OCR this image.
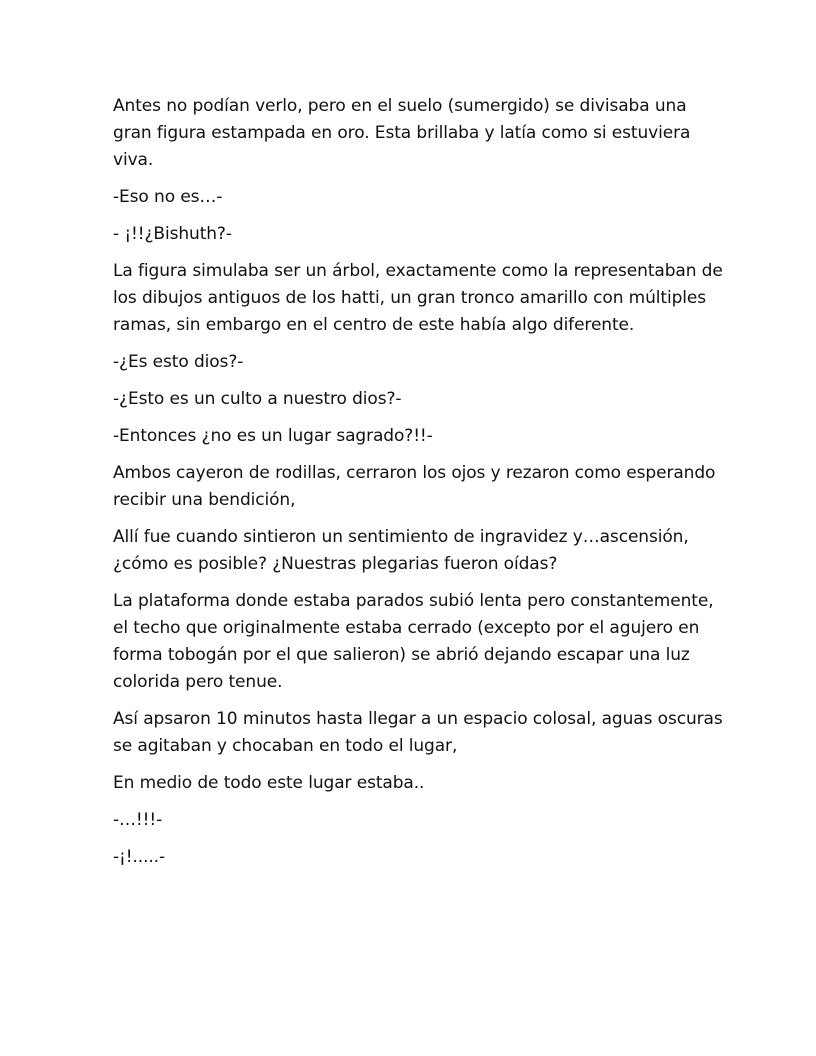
Antes no podían verlo, pero en el suelo (sumergido) se divisaba una gran figura estampada en oro. Esta brillaba y latía como si estuviera viva.

-Eso no es…-

- ¡!!¿Bishuth?-

La figura simulaba ser un árbol, exactamente como la representaban de los dibujos antiguos de los hatti, un gran tronco amarillo con múltiples ramas, sin embargo en el centro de este había algo diferente.

-¿Es esto dios?-

-¿Esto es un culto a nuestro dios?-

-Entonces ¿no es un lugar sagrado?!!-

Ambos cayeron de rodillas, cerraron los ojos y rezaron como esperando recibir una bendición,

Allí fue cuando sintieron un sentimiento de ingravidez y…ascensión, ¿cómo es posible? ¿Nuestras plegarias fueron oídas?

La plataforma donde estaba parados subió lenta pero constantemente, el techo que originalmente estaba cerrado (excepto por el agujero en forma tobogán por el que salieron) se abrió dejando escapar una luz colorida pero tenue.

Así apsaron 10 minutos hasta llegar a un espacio colosal, aguas oscuras se agitaban y chocaban en todo el lugar,

En medio de todo este lugar estaba..

-…!!!-

-¡!.....-
